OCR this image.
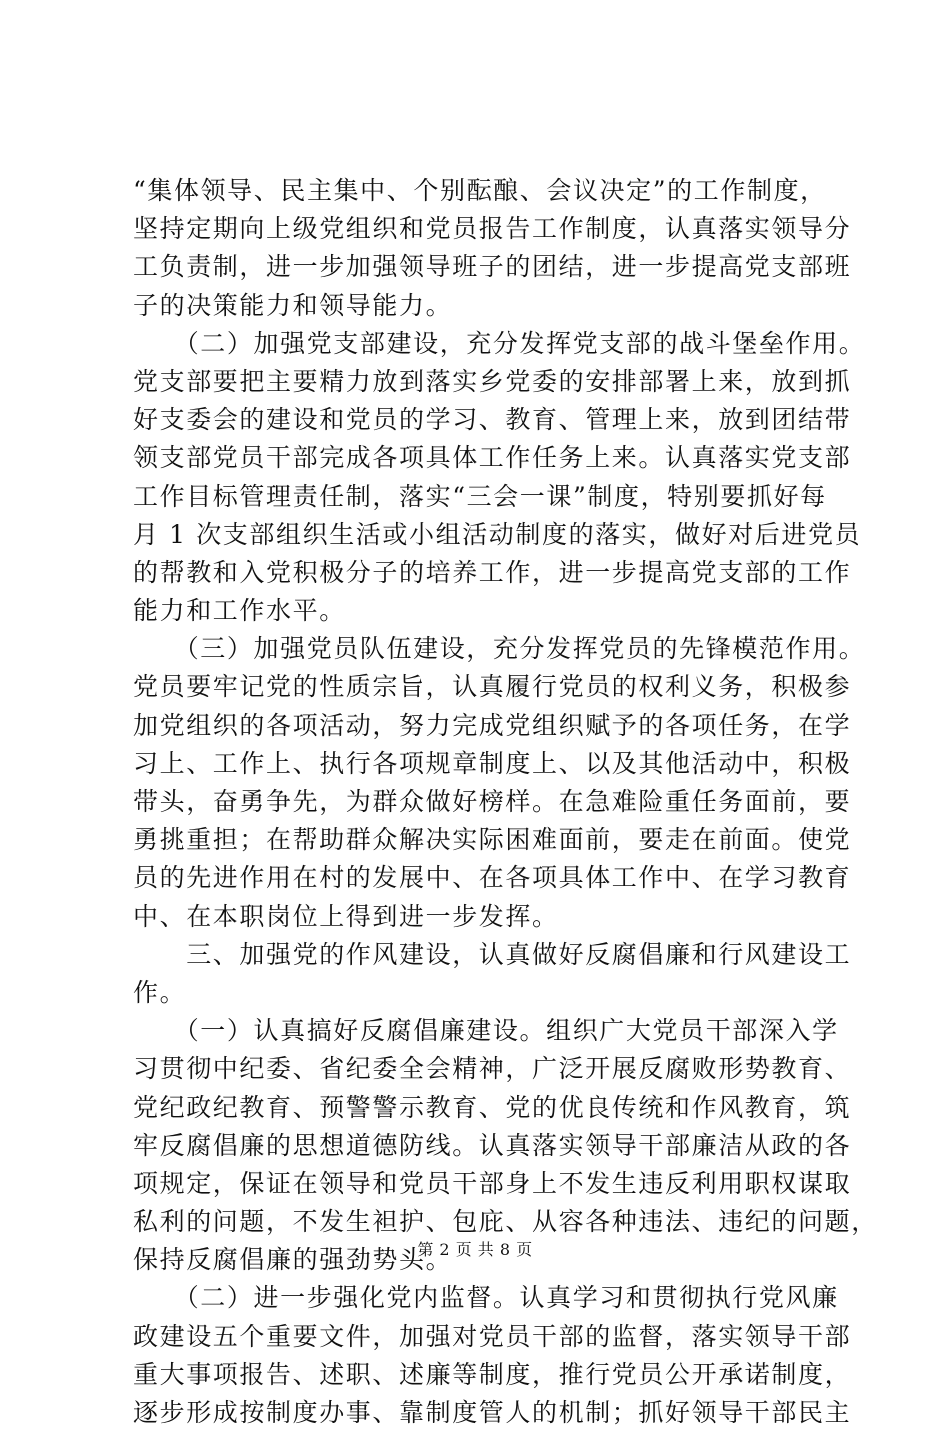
“集体领导、民主集中、个别酝酿、会议决定”的工作制度，
坚持定期向上级党组织和党员报告工作制度，认真落实领导分
工负责制，进一步加强领导班子的团结，进一步提高党支部班
子的决策能力和领导能力。
　　（二）加强党支部建设，充分发挥党支部的战斗堡垒作用。
党支部要把主要精力放到落实乡党委的安排部署上来，放到抓
好支委会的建设和党员的学习、教育、管理上来，放到团结带
领支部党员干部完成各项具体工作任务上来。认真落实党支部
工作目标管理责任制，落实“三会一课”制度，特别要抓好每
月 1 次支部组织生活或小组活动制度的落实，做好对后进党员
的帮教和入党积极分子的培养工作，进一步提高党支部的工作
能力和工作水平。
　　（三）加强党员队伍建设，充分发挥党员的先锋模范作用。
党员要牢记党的性质宗旨，认真履行党员的权利义务，积极参
加党组织的各项活动，努力完成党组织赋予的各项任务，在学
习上、工作上、执行各项规章制度上、以及其他活动中，积极
带头，奋勇争先，为群众做好榜样。在急难险重任务面前，要
勇挑重担；在帮助群众解决实际困难面前，要走在前面。使党
员的先进作用在村的发展中、在各项具体工作中、在学习教育
中、在本职岗位上得到进一步发挥。
　　三、加强党的作风建设，认真做好反腐倡廉和行风建设工
作。
　　（一）认真搞好反腐倡廉建设。组织广大党员干部深入学
习贯彻中纪委、省纪委全会精神，广泛开展反腐败形势教育、
党纪政纪教育、预警警示教育、党的优良传统和作风教育，筑
牢反腐倡廉的思想道德防线。认真落实领导干部廉洁从政的各
项规定，保证在领导和党员干部身上不发生违反利用职权谋取
私利的问题，不发生袒护、包庇、从容各种违法、违纪的问题，
保持反腐倡廉的强劲势头。
　　（二）进一步强化党内监督。认真学习和贯彻执行党风廉
政建设五个重要文件，加强对党员干部的监督，落实领导干部
重大事项报告、述职、述廉等制度，推行党员公开承诺制度，
逐步形成按制度办事、靠制度管人的机制；抓好领导干部民主
第 2 页 共 8 页
